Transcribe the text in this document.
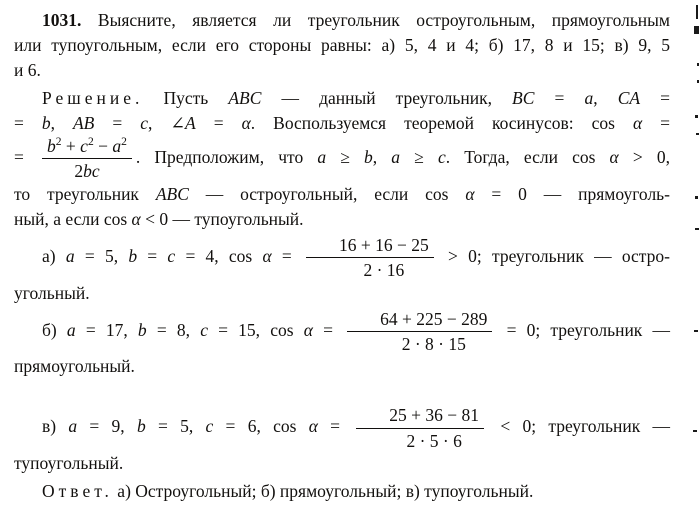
1031. Выясните, является ли треугольник остроугольным, прямоугольным
или тупоугольным, если его стороны равны: а) 5, 4 и 4; б) 17, 8 и 15; в) 9, 5
и 6.
Решение. Пусть ABC — данный треугольник, BC = a, CA =
= b, AB = c, ∠A = α. Воспользуемся теоремой косинусов: cos α =
= $\frac{b^2 + c^2 - a^2}{2bc}$ . Предположим, что a ≥ b, a ≥ c. Тогда, если cos α > 0,
то треугольник ABC — остроугольный, если cos α = 0 — прямоуголь-
ный, а если cos α < 0 — тупоугольный.
а) a = 5, b = c = 4, $\cos \alpha = \frac{16 + 16 - 25}{2 \cdot 16} > 0$; треугольник — остро-
угольный.
б) a = 17, b = 8, c = 15, $\cos \alpha = \frac{64 + 225 - 289}{2 \cdot 8 \cdot 15} = 0$; треугольник —
прямоугольный.
в) a = 9, b = 5, c = 6, $\cos \alpha = \frac{25 + 36 - 81}{2 \cdot 5 \cdot 6} < 0$; треугольник —
тупоугольный.
Ответ. а) Остроугольный; б) прямоугольный; в) тупоугольный.
